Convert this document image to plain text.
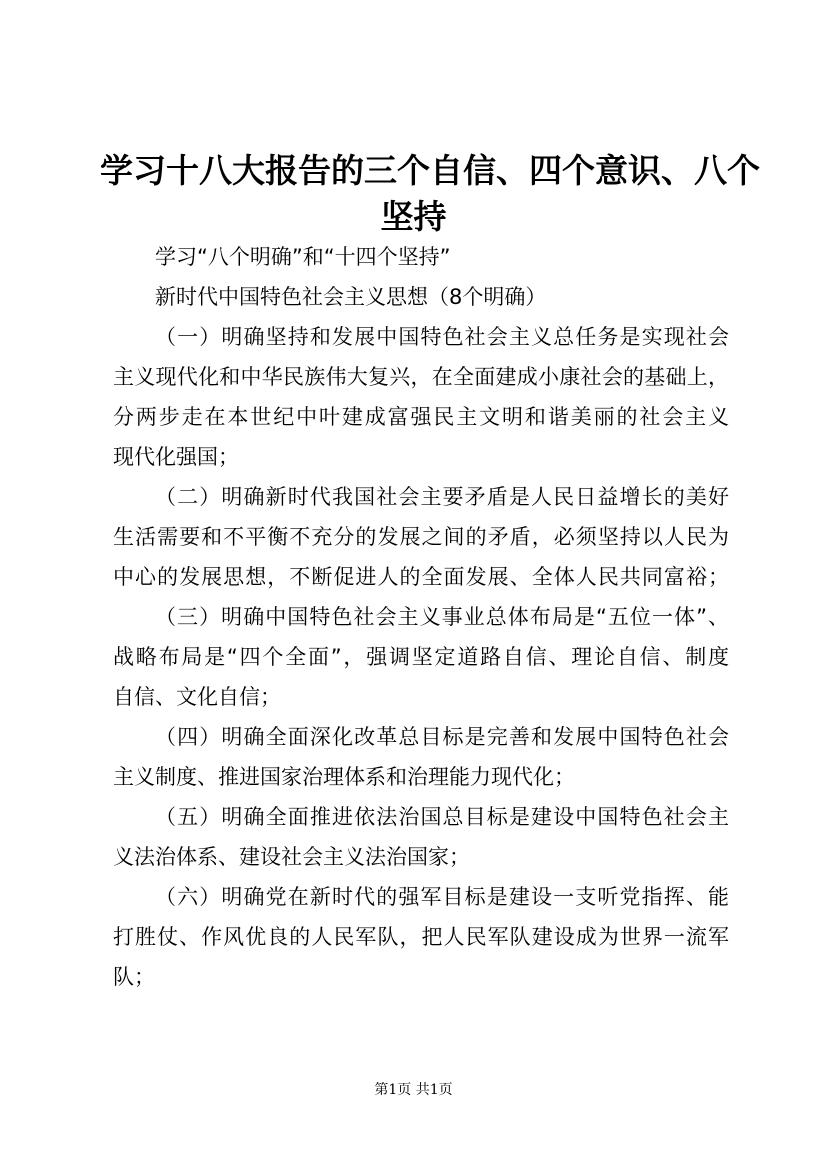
学习十八大报告的三个自信、四个意识、八个
坚持
学习“八个明确”和“十四个坚持”
新时代中国特色社会主义思想（8个明确）
（一）明确坚持和发展中国特色社会主义总任务是实现社会
主义现代化和中华民族伟大复兴，在全面建成小康社会的基础上，
分两步走在本世纪中叶建成富强民主文明和谐美丽的社会主义
现代化强国；
（二）明确新时代我国社会主要矛盾是人民日益增长的美好
生活需要和不平衡不充分的发展之间的矛盾，必须坚持以人民为
中心的发展思想，不断促进人的全面发展、全体人民共同富裕；
（三）明确中国特色社会主义事业总体布局是“五位一体”、
战略布局是“四个全面”，强调坚定道路自信、理论自信、制度
自信、文化自信；
（四）明确全面深化改革总目标是完善和发展中国特色社会
主义制度、推进国家治理体系和治理能力现代化；
（五）明确全面推进依法治国总目标是建设中国特色社会主
义法治体系、建设社会主义法治国家；
（六）明确党在新时代的强军目标是建设一支听党指挥、能
打胜仗、作风优良的人民军队，把人民军队建设成为世界一流军
队；
第1页 共1页
